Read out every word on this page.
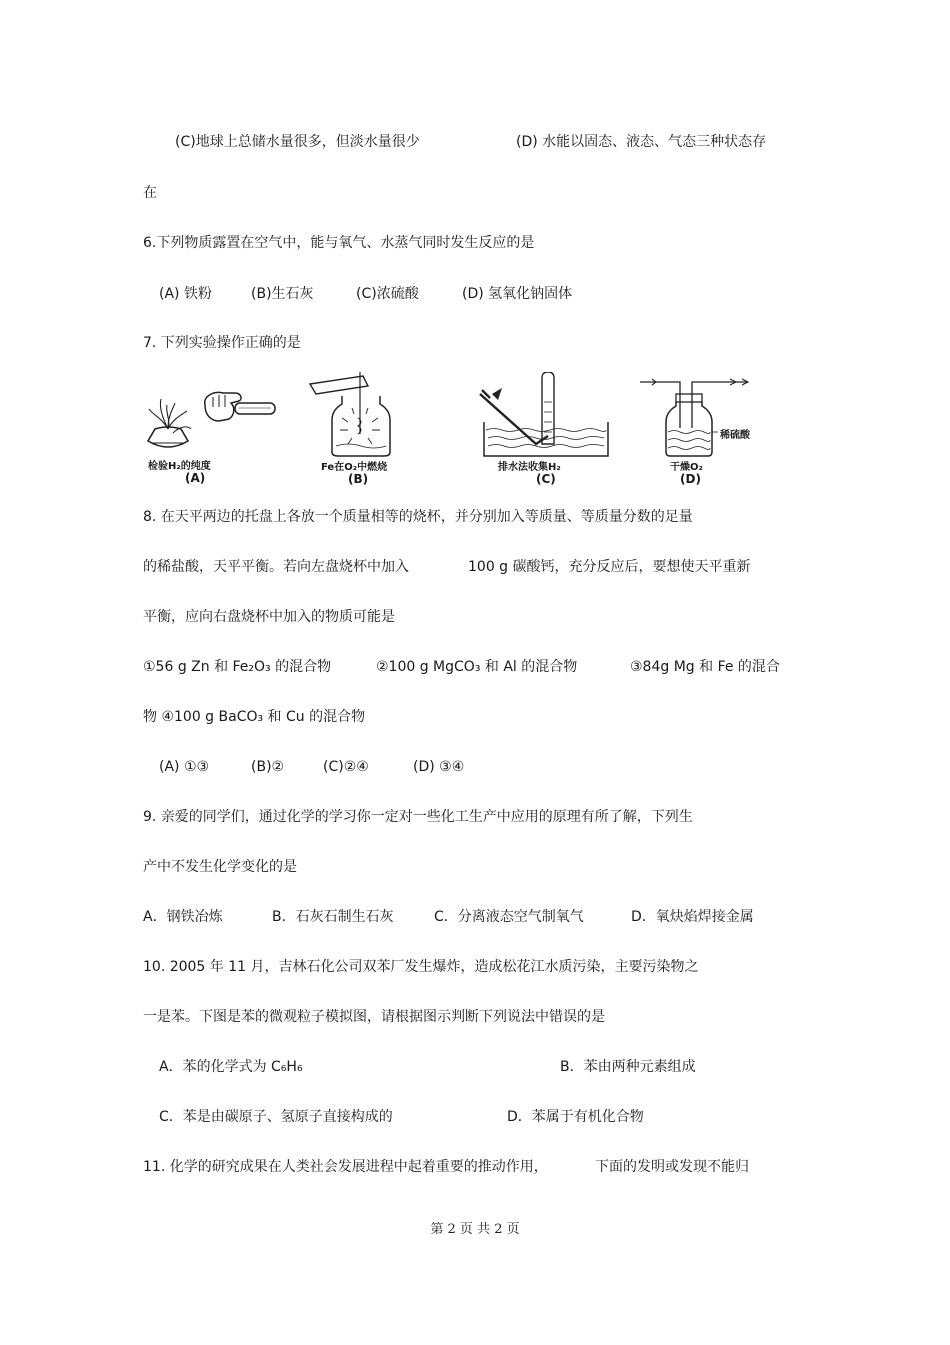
(C)地球上总储水量很多，但淡水量很少	(D) 水能以固态、液态、气态三种状态存
在
6.下列物质露置在空气中，能与氧气、水蒸气同时发生反应的是
(A) 铁粉	(B)生石灰	(C)浓硫酸	(D) 氢氧化钠固体
7. 下列实验操作正确的是
检验H₂的纯度
(A)
Fe在O₂中燃烧
(B)
排水法收集H₂
(C)
稀硫酸
干燥O₂
(D)
8. 在天平两边的托盘上各放一个质量相等的烧杯，并分别加入等质量、等质量分数的足量
的稀盐酸，天平平衡。若向左盘烧杯中加入	100 g 碳酸钙，充分反应后，要想使天平重新
平衡，应向右盘烧杯中加入的物质可能是
①56 g Zn 和 Fe₂O₃ 的混合物	②100 g MgCO₃ 和 Al 的混合物	③84g Mg 和 Fe 的混合
物 ④100 g BaCO₃ 和 Cu 的混合物
(A) ①③	(B)②	(C)②④	(D) ③④
9. 亲爱的同学们，通过化学的学习你一定对一些化工生产中应用的原理有所了解，下列生
产中不发生化学变化的是
A．钢铁冶炼	B．石灰石制生石灰	C．分离液态空气制氧气	D．氧炔焰焊接金属
10. 2005 年 11 月，吉林石化公司双苯厂发生爆炸，造成松花江水质污染，主要污染物之
一是苯。下图是苯的微观粒子模拟图，请根据图示判断下列说法中错误的是
A．苯的化学式为 C₆H₆	B．苯由两种元素组成
C．苯是由碳原子、氢原子直接构成的	D．苯属于有机化合物
11. 化学的研究成果在人类社会发展进程中起着重要的推动作用，	下面的发明或发现不能归
第 2 页 共 2 页
